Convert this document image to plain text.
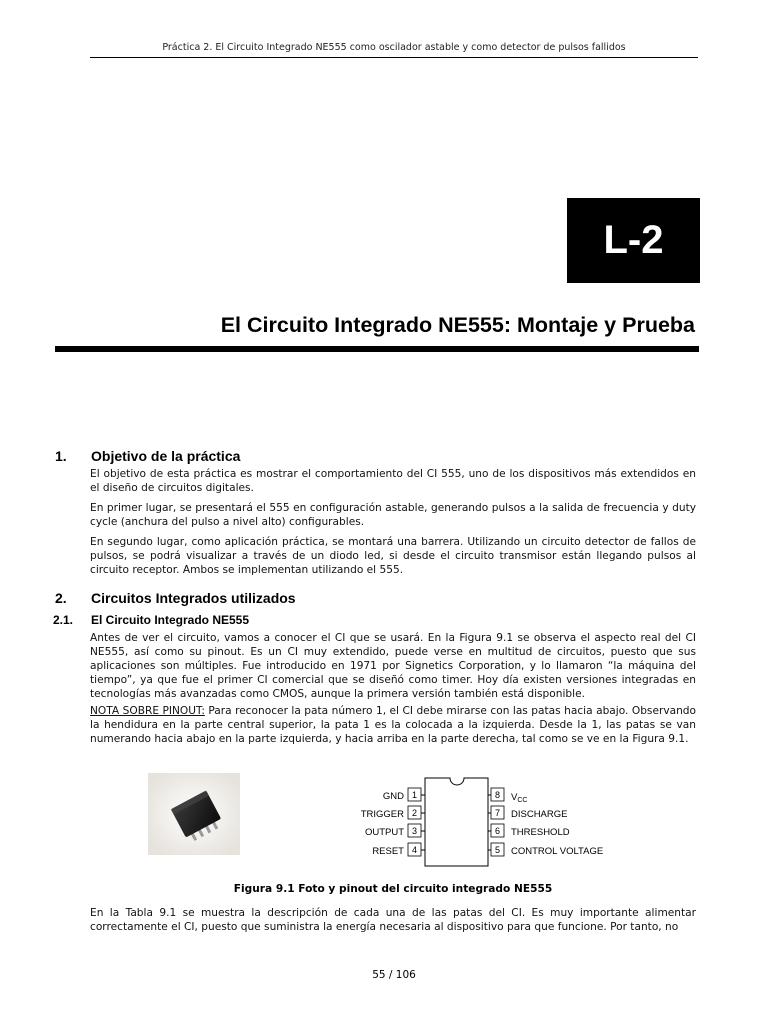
Práctica 2. El Circuito Integrado NE555 como oscilador astable y como detector de pulsos fallidos
L-2
El Circuito Integrado NE555: Montaje y Prueba
1. Objetivo de la práctica
El objetivo de esta práctica es mostrar el comportamiento del CI 555, uno de los dispositivos más extendidos en el diseño de circuitos digitales.
En primer lugar, se presentará el 555 en configuración astable, generando pulsos a la salida de frecuencia y duty cycle (anchura del pulso a nivel alto) configurables.
En segundo lugar, como aplicación práctica, se montará una barrera. Utilizando un circuito detector de fallos de pulsos, se podrá visualizar a través de un diodo led, si desde el circuito transmisor están llegando pulsos al circuito receptor. Ambos se implementan utilizando el 555.
2. Circuitos Integrados utilizados
2.1. El Circuito Integrado NE555
Antes de ver el circuito, vamos a conocer el CI que se usará. En la Figura 9.1 se observa el aspecto real del CI NE555, así como su pinout. Es un CI muy extendido, puede verse en multitud de circuitos, puesto que sus aplicaciones son múltiples. Fue introducido en 1971 por Signetics Corporation, y lo llamaron “la máquina del tiempo”, ya que fue el primer CI comercial que se diseñó como timer. Hoy día existen versiones integradas en tecnologías más avanzadas como CMOS, aunque la primera versión también está disponible.
NOTA SOBRE PINOUT: Para reconocer la pata número 1, el CI debe mirarse con las patas hacia abajo. Observando la hendidura en la parte central superior, la pata 1 es la colocada a la izquierda. Desde la 1, las patas se van numerando hacia abajo en la parte izquierda, y hacia arriba en la parte derecha, tal como se ve en la Figura 9.1.
1
2
3
4
GND
TRIGGER
OUTPUT
RESET
8
7
6
5
$V_{CC}$
DISCHARGE
THRESHOLD
CONTROL VOLTAGE
Figura 9.1 Foto y pinout del circuito integrado NE555
En la Tabla 9.1 se muestra la descripción de cada una de las patas del CI. Es muy importante alimentar correctamente el CI, puesto que suministra la energía necesaria al dispositivo para que funcione. Por tanto, no
55 / 106
